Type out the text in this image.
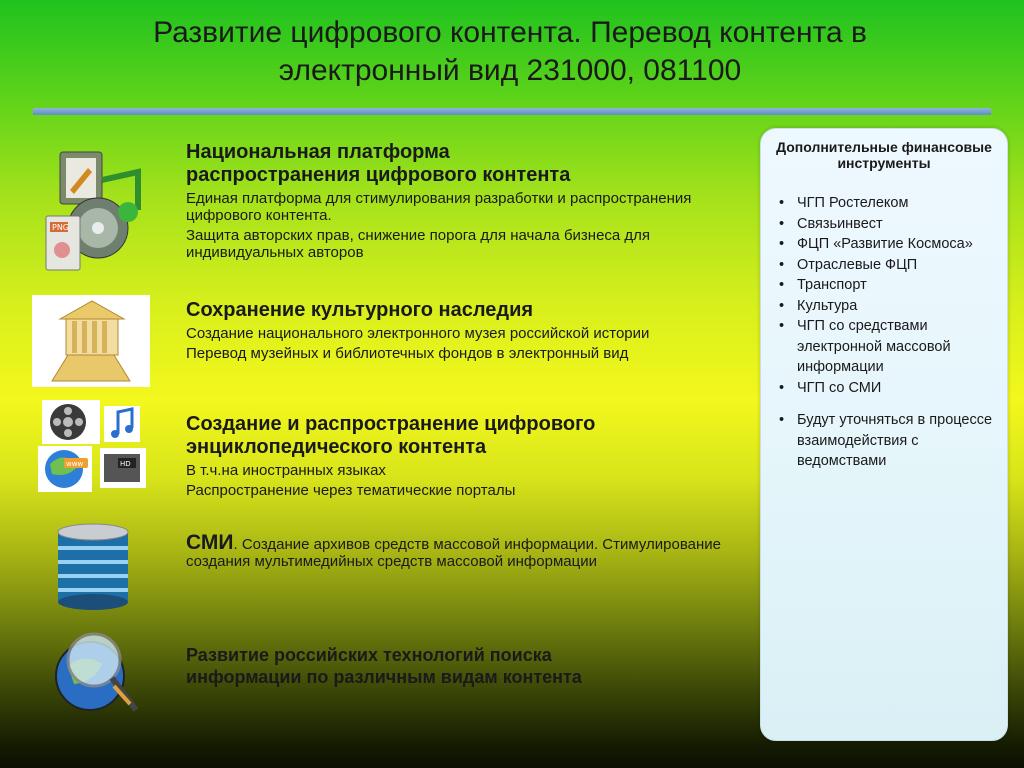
Развитие цифрового контента. Перевод контента в
электронный вид 231000, 081100
PNG
Национальная платформа
распространения цифрового контента
Единая платформа для стимулирования разработки и распространения цифрового контента.
Защита авторских прав, снижение порога для начала бизнеса для индивидуальных авторов
Сохранение культурного наследия
Создание национального электронного музея российской истории
Перевод музейных и библиотечных фондов в электронный вид
www	HD
Создание и распространение цифрового
энциклопедического контента
В т.ч.на иностранных языках
Распространение через тематические порталы
СМИ. Создание архивов средств массовой информации. Стимулирование создания мультимедийных средств массовой информации
Развитие российских технологий поиска
информации по различным видам контента
Дополнительные финансовые инструменты
• ЧГП Ростелеком
• Связьинвест
• ФЦП «Развитие Космоса»
• Отраслевые ФЦП
• Транспорт
• Культура
• ЧГП со средствами электронной массовой информации
• ЧГП со СМИ
• Будут уточняться в процессе взаимодействия с ведомствами
